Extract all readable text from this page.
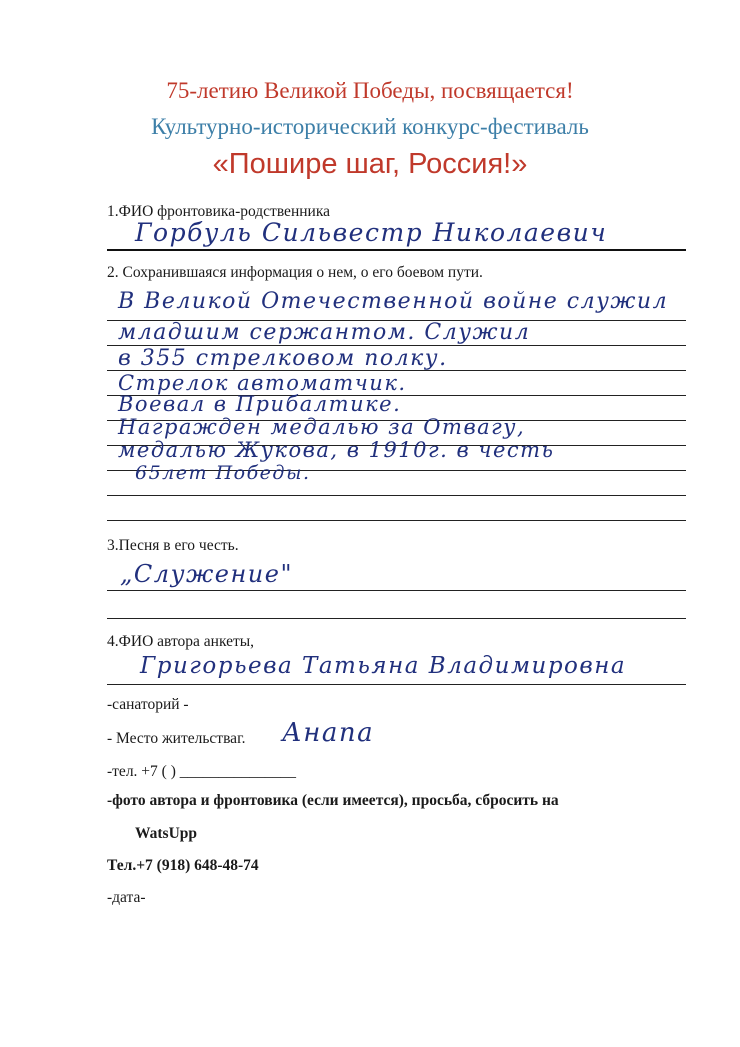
75-летию Великой Победы, посвящается!
Культурно-исторический конкурс-фестиваль
«Пошире шаг, Россия!»
1.ФИО фронтовика-родственника
Горбуль Сильвестр Николаевич
2. Сохранившаяся информация о нем, о его боевом пути.
В Великой Отечественной войне служил
младшим сержантом. Служил
в 355 стрелковом полку.
Стрелок автоматчик.
Воевал в Прибалтике.
Награжден медалью за Отвагу,
медалью Жукова, в 1910г. в честь
65лет Победы.
3.Песня в его честь.
„Служение"
4.ФИО автора анкеты,
Григорьева Татьяна Владимировна
-санаторий -
- Место жительстваг. Анапа
-тел. +7 ( ) _______________
-фото автора и фронтовика (если имеется), просьба, сбросить на
WatsUpp
Тел.+7 (918) 648-48-74
-дата-
